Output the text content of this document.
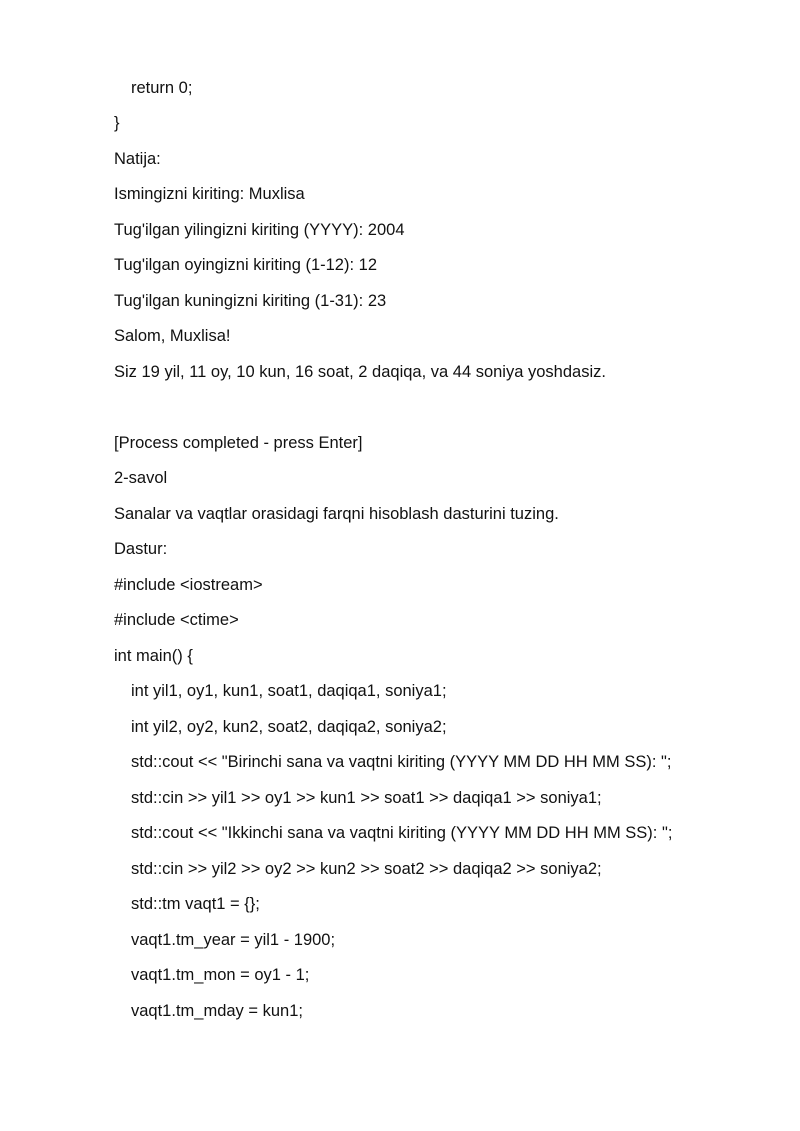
return 0;
}
Natija:
Ismingizni kiriting: Muxlisa
Tug'ilgan yilingizni kiriting (YYYY): 2004
Tug'ilgan oyingizni kiriting (1-12): 12
Tug'ilgan kuningizni kiriting (1-31): 23
Salom, Muxlisa!
Siz 19 yil, 11 oy, 10 kun, 16 soat, 2 daqiqa, va 44 soniya yoshdasiz.
[Process completed - press Enter]
2-savol
Sanalar va vaqtlar orasidagi farqni hisoblash dasturini tuzing.
Dastur:
#include <iostream>
#include <ctime>
int main() {
int yil1, oy1, kun1, soat1, daqiqa1, soniya1;
int yil2, oy2, kun2, soat2, daqiqa2, soniya2;
std::cout << "Birinchi sana va vaqtni kiriting (YYYY MM DD HH MM SS): ";
std::cin >> yil1 >> oy1 >> kun1 >> soat1 >> daqiqa1 >> soniya1;
std::cout << "Ikkinchi sana va vaqtni kiriting (YYYY MM DD HH MM SS): ";
std::cin >> yil2 >> oy2 >> kun2 >> soat2 >> daqiqa2 >> soniya2;
std::tm vaqt1 = {};
vaqt1.tm_year = yil1 - 1900;
vaqt1.tm_mon = oy1 - 1;
vaqt1.tm_mday = kun1;
